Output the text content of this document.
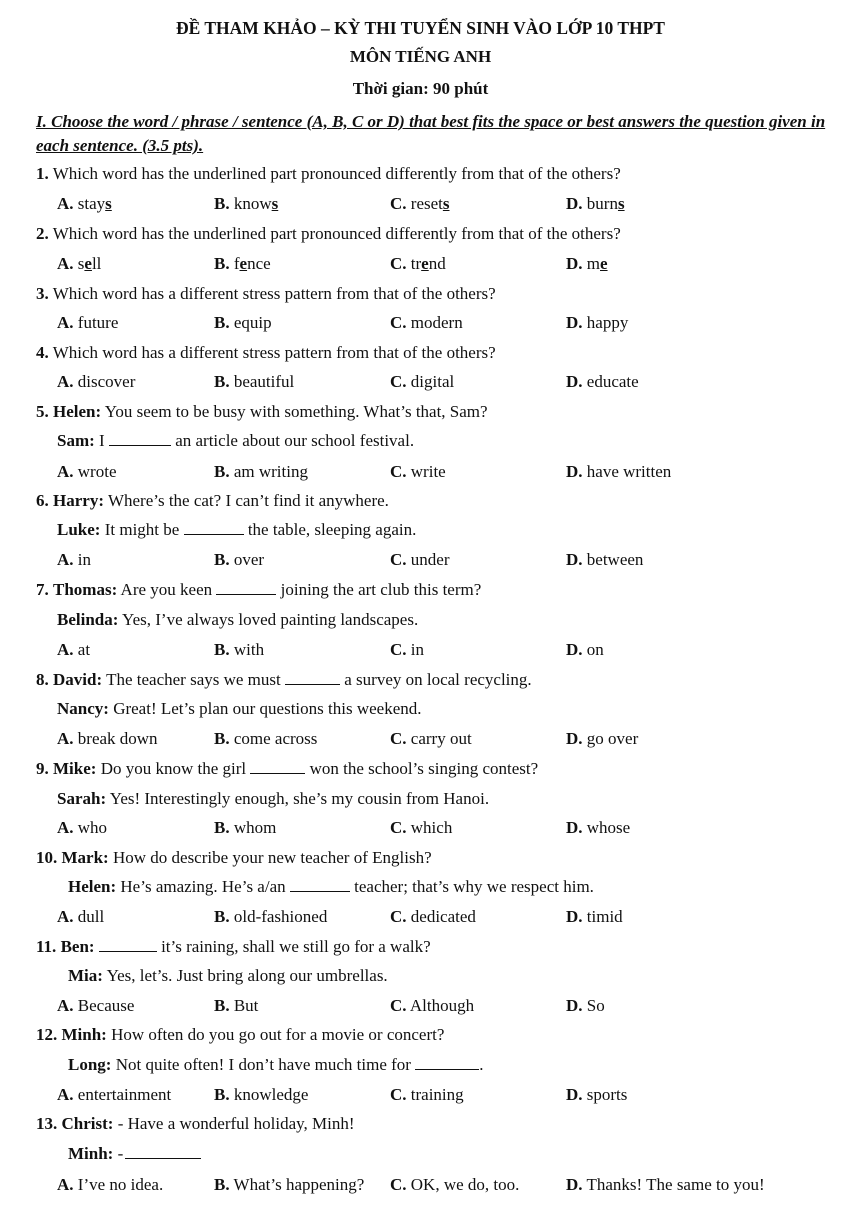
ĐỀ THAM KHẢO – KỲ THI TUYỂN SINH VÀO LỚP 10 THPT
MÔN TIẾNG ANH
Thời gian: 90 phút
I. Choose the word / phrase / sentence (A, B, C or D) that best fits the space or best answers the question given in each sentence. (3.5 pts).
1. Which word has the underlined part pronounced differently from that of the others?
A. stays	B. knows	C. resets	D. burns
2. Which word has the underlined part pronounced differently from that of the others?
A. sell	B. fence	C. trend	D. me
3. Which word has a different stress pattern from that of the others?
A. future	B. equip	C. modern	D. happy
4. Which word has a different stress pattern from that of the others?
A. discover	B. beautiful	C. digital	D. educate
5. Helen: You seem to be busy with something. What’s that, Sam?
Sam: I	an article about our school festival.
A. wrote	B. am writing	C. write	D. have written
6. Harry: Where’s the cat? I can’t find it anywhere.
Luke: It might be	the table, sleeping again.
A. in	B. over	C. under	D. between
7. Thomas: Are you keen	joining the art club this term?
Belinda: Yes, I’ve always loved painting landscapes.
A. at	B. with	C. in	D. on
8. David: The teacher says we must	a survey on local recycling.
Nancy: Great! Let’s plan our questions this weekend.
A. break down	B. come across	C. carry out	D. go over
9. Mike: Do you know the girl	won the school’s singing contest?
Sarah: Yes! Interestingly enough, she’s my cousin from Hanoi.
A. who	B. whom	C. which	D. whose
10. Mark: How do describe your new teacher of English?
Helen: He’s amazing. He’s a/an	teacher; that’s why we respect him.
A. dull	B. old-fashioned	C. dedicated	D. timid
11. Ben:	it’s raining, shall we still go for a walk?
Mia: Yes, let’s. Just bring along our umbrellas.
A. Because	B. But	C. Although	D. So
12. Minh: How often do you go out for a movie or concert?
Long: Not quite often! I don’t have much time for	.
A. entertainment	B. knowledge	C. training	D. sports
13. Christ: - Have a wonderful holiday, Minh!
Minh: -
A. I’ve no idea.	B. What’s happening? C. OK, we do, too.	D. Thanks! The same to you!
